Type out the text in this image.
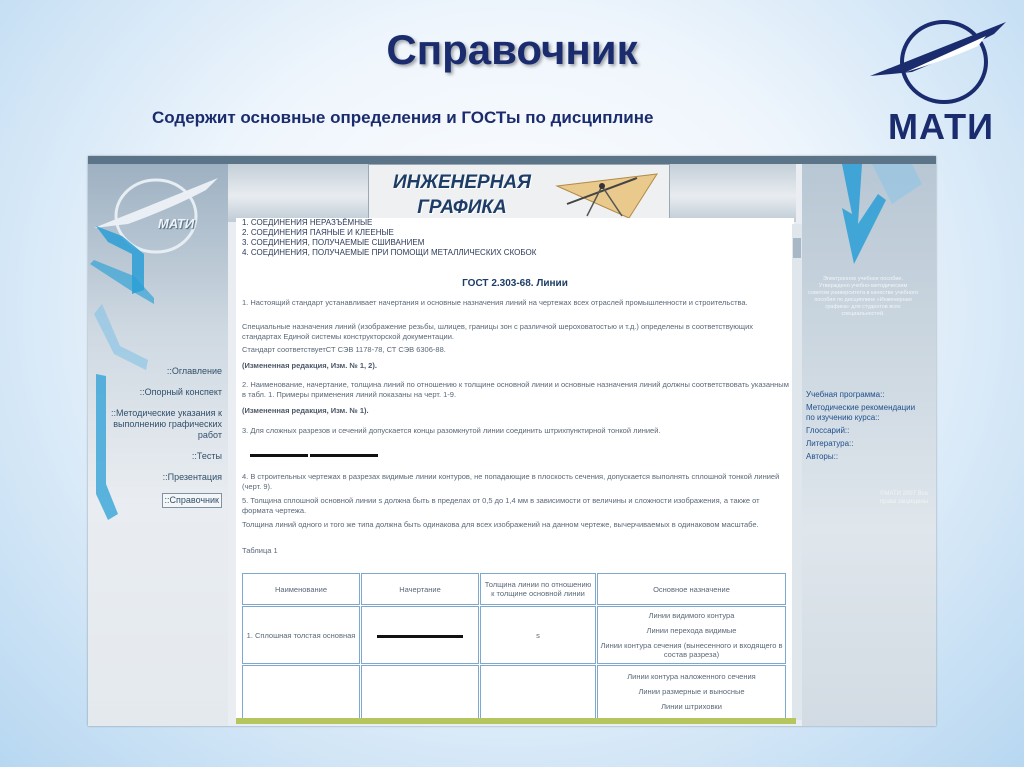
Справочник
Содержит основные определения и ГОСТы по дисциплине	МАТИ
МАТИ
::Оглавление
::Опорный конспект
::Методические указания к выполнению графических работ
::Тесты
::Презентация
::Справочник
ИНЖЕНЕРНАЯ
ГРАФИКА
1. СОЕДИНЕНИЯ НЕРАЗЪЁМНЫЕ
2. СОЕДИНЕНИЯ ПАЯНЫЕ И КЛЕЕНЫЕ
3. СОЕДИНЕНИЯ, ПОЛУЧАЕМЫЕ СШИВАНИЕМ
4. СОЕДИНЕНИЯ, ПОЛУЧАЕМЫЕ ПРИ ПОМОЩИ МЕТАЛЛИЧЕСКИХ СКОБОК
ГОСТ 2.303-68. Линии
1. Настоящий стандарт устанавливает начертания и основные назначения линий на чертежах всех отраслей промышленности и строительства.
Специальные назначения линий (изображение резьбы, шлицев, границы зон с различной шероховатостью и т.д.) определены в соответствующих стандартах Единой системы конструкторской документации.
Стандарт соответствуетСТ СЭВ 1178-78, СТ СЭВ 6306-88.
(Измененная редакция, Изм. № 1, 2).
2. Наименование, начертание, толщина линий по отношению к толщине основной линии и основные назначения линий должны соответствовать указанным в табл. 1. Примеры применения линий показаны на черт. 1-9.
(Измененная редакция, Изм. № 1).
3. Для сложных разрезов и сечений допускается концы разомкнутой линии соединить штрихпунктирной тонкой линией.
4. В строительных чертежах в разрезах видимые линии контуров, не попадающие в плоскость сечения, допускается выполнять сплошной тонкой линией (черт. 9).
5. Толщина сплошной основной линии s должна быть в пределах от 0,5 до 1,4 мм в зависимости от величины и сложности изображения, а также от формата чертежа.
Толщина линий одного и того же типа должна быть одинакова для всех изображений на данном чертеже, вычерчиваемых в одинаковом масштабе.
Таблица 1
Наименование	Начертание	Толщина линии по отношению к толщине основной линии	Основное назначение
1. Сплошная толстая основная		s	Линии видимого контура
Линии перехода видимые
Линии контура сечения (вынесенного и входящего в состав разреза)

			Линии контура наложенного сечения
Линии размерные и выносные
Линии штриховки
Электронное учебное пособие. Утверждено учебно-методическим советом университета в качестве учебного пособия по дисциплине «Инженерная графика» для студентов всех специальностей.
Учебная программа::
Методические рекомендации по изучению курса::
Глоссарий::
Литература::
Авторы::
©МАТИ 2007 Все права защищены
